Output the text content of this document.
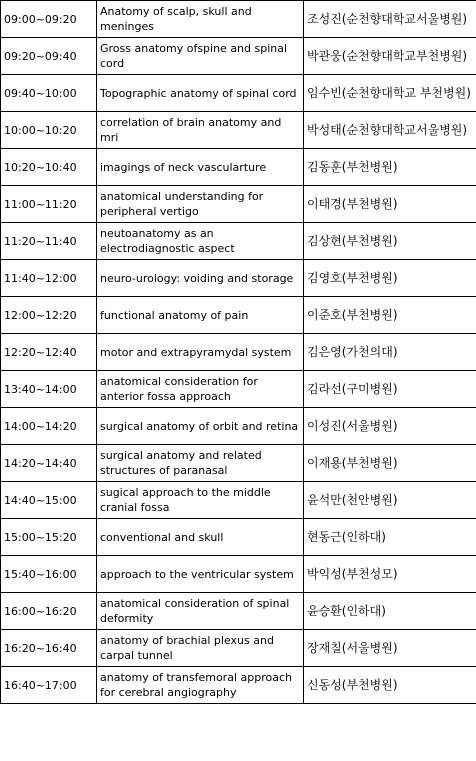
09:00~09:20	Anatomy of scalp, skull and meninges	조성진(순천향대학교서울병원)
09:20~09:40	Gross anatomy ofspine and spinal cord	박관웅(순천향대학교부천병원)
09:40~10:00	Topographic anatomy of spinal cord	임수빈(순천향대학교 부천병원)
10:00~10:20	correlation of brain anatomy and mri	박성태(순천향대학교서울병원)
10:20~10:40	imagings of neck vascularture	김동훈(부천병원)
11:00~11:20	anatomical understanding for peripheral vertigo	이태경(부천병원)
11:20~11:40	neutoanatomy as an electrodiagnostic aspect	김상현(부천병원)
11:40~12:00	neuro-urology: voiding and storage	김영호(부천병원)
12:00~12:20	functional anatomy of pain	이준호(부천병원)
12:20~12:40	motor and extrapyramydal system	김은영(가천의대)
13:40~14:00	anatomical consideration for anterior fossa approach	김라선(구미병원)
14:00~14:20	surgical anatomy of orbit and retina	이성진(서울병원)
14:20~14:40	surgical anatomy and related structures of paranasal	이재용(부천병원)
14:40~15:00	sugical approach to the middle cranial fossa	윤석만(천안병원)
15:00~15:20	conventional and skull	현동근(인하대)
15:40~16:00	approach to the ventricular system	박익성(부천성모)
16:00~16:20	anatomical consideration of spinal deformity	윤승환(인하대)
16:20~16:40	anatomy of brachial plexus and carpal tunnel	장재칠(서울병원)
16:40~17:00	anatomy of transfemoral approach for cerebral angiography	신동성(부천병원)
